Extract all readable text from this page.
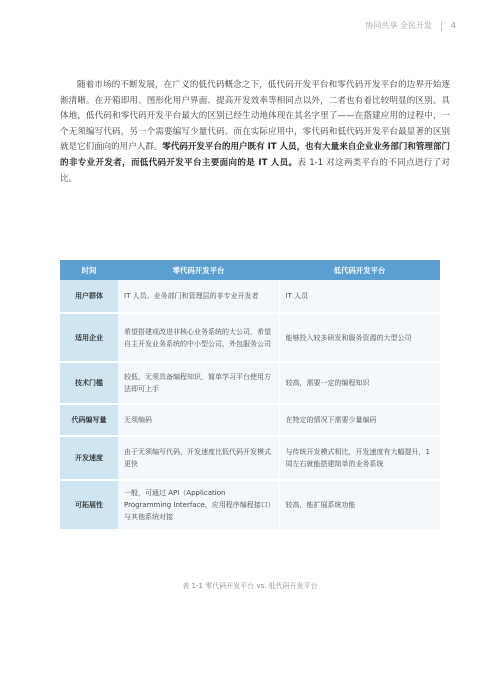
协同共享 全民开发 4

随着市场的不断发展，在广义的低代码概念之下，低代码开发平台和零代码开发平台的边界开始逐渐清晰。在开箱即用、图形化用户界面、提高开发效率等相同点以外，二者也有着比较明显的区别。具体地，低代码和零代码开发平台最大的区别已经生动地体现在其名字里了——在搭建应用的过程中，一个无须编写代码，另一个需要编写少量代码。而在实际应用中，零代码和低代码开发平台最显著的区别就是它们面向的用户人群。零代码开发平台的用户既有 IT 人员，也有大量来自企业业务部门和管理部门的非专业开发者，而低代码开发平台主要面向的是 IT 人员。表 1-1 对这两类平台的不同点进行了对比。

时间	零代码开发平台	低代码开发平台
用户群体	IT 人员、业务部门和管理层的非专业开发者	IT 人员
适用企业	希望搭建或改进非核心业务系统的大公司，希望自主开发业务系统的中小型公司、外包服务公司	能够投入较多研发和服务资源的大型公司
技术门槛	较低，无须具备编程知识，简单学习平台使用方法即可上手	较高，需要一定的编程知识
代码编写量	无须编码	在特定的情况下需要少量编码
开发速度	由于无须编写代码，开发速度比低代码开发模式更快	与传统开发模式相比，开发速度有大幅提升，1 周左右就能搭建简单的业务系统
可拓展性	一般，可通过 API（Application Programming Interface，应用程序编程接口）与其他系统对接	较高，能扩展系统功能
表 1-1 零代码开发平台 vs. 低代码开发平台
